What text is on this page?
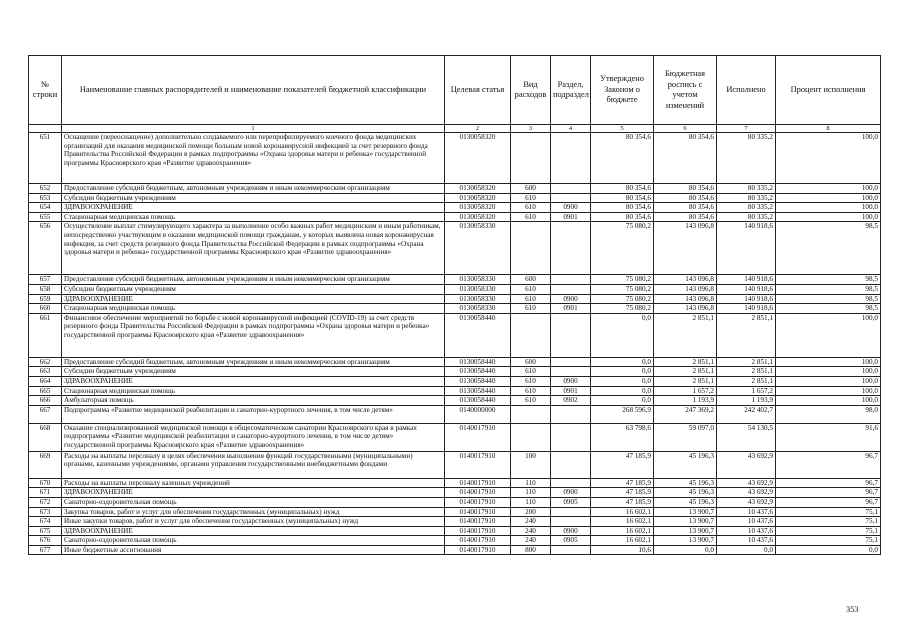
№ строки	Наименование главных распорядителей и наименование показателей бюджетной классификации	Целевая статья	Вид расходов	Раздел, подраздел	Утверждено Законом о бюджете	Бюджетная роспись с учетом изменений	Исполнено	Процент исполнения
	1	2	3	4	5	6	7	8
651	Оснащение (переоснащение) дополнительно создаваемого или перепрофилируемого коечного фонда медицинских организаций для оказания медицинской помощи больным новой коронавирусной инфекцией за счет резервного фонда Правительства Российской Федерации в рамках подпрограммы «Охрана здоровья матери и ребенка» государственной программы Красноярского края «Развитие здравоохранения»	0130058320			80 354,6	80 354,6	80 335,2	100,0
652	Предоставление субсидий бюджетным, автономным учреждениям и иным некоммерческим организациям	0130058320	600		80 354,6	80 354,6	80 335,2	100,0
653	Субсидии бюджетным учреждениям	0130058320	610		80 354,6	80 354,6	80 335,2	100,0
654	ЗДРАВООХРАНЕНИЕ	0130058320	610	0900	80 354,6	80 354,6	80 335,2	100,0
655	Стационарная медицинская помощь	0130058320	610	0901	80 354,6	80 354,6	80 335,2	100,0
656	Осуществление выплат стимулирующего характера за выполнение особо важных работ медицинским и иным работникам, непосредственно участвующим в оказании медицинской помощи гражданам, у которых выявлена новая коронавирусная инфекция, за счет средств резервного фонда Правительства Российской Федерации в рамках подпрограммы «Охрана здоровья матери и ребенка» государственной программы Красноярского края «Развитие здравоохранения»	0130058330			75 080,2	143 096,8	140 918,6	98,5
657	Предоставление субсидий бюджетным, автономным учреждениям и иным некоммерческим организациям	0130058330	600		75 080,2	143 096,8	140 918,6	98,5
658	Субсидии бюджетным учреждениям	0130058330	610		75 080,2	143 096,8	140 918,6	98,5
659	ЗДРАВООХРАНЕНИЕ	0130058330	610	0900	75 080,2	143 096,8	140 918,6	98,5
660	Стационарная медицинская помощь	0130058330	610	0901	75 080,2	143 096,8	140 918,6	98,5
661	Финансовое обеспечение мероприятий по борьбе с новой коронавирусной инфекцией (COVID-19) за счет средств резервного фонда Правительства Российской Федерации в рамках подпрограммы «Охрана здоровья матери и ребенка» государственной программы Красноярского края «Развитие здравоохранения»	0130058440			0,0	2 851,1	2 851,1	100,0
662	Предоставление субсидий бюджетным, автономным учреждениям и иным некоммерческим организациям	0130058440	600		0,0	2 851,1	2 851,1	100,0
663	Субсидии бюджетным учреждениям	0130058440	610		0,0	2 851,1	2 851,1	100,0
664	ЗДРАВООХРАНЕНИЕ	0130058440	610	0900	0,0	2 851,1	2 851,1	100,0
665	Стационарная медицинская помощь	0130058440	610	0901	0,0	1 657,2	1 657,2	100,0
666	Амбулаторная помощь	0130058440	610	0902	0,0	1 193,9	1 193,9	100,0
667	Подпрограмма «Развитие медицинской реабилитации и санаторно-курортного лечения, в том числе детям»	0140000000			268 596,9	247 369,2	242 402,7	98,0
668	Оказание специализированной медицинской помощи в общесоматическом санатории Красноярского края в рамках подпрограммы «Развитие медицинской реабилитации и санаторно-курортного лечения, в том числе детям» государственной программы Красноярского края «Развитие здравоохранения»	0140017910			63 798,6	59 097,0	54 130,5	91,6
669	Расходы на выплаты персоналу в целях обеспечения выполнения функций государственными (муниципальными) органами, казенными учреждениями, органами управления государственными внебюджетными фондами	0140017910	100		47 185,9	45 196,3	43 692,9	96,7
670	Расходы на выплаты персоналу казенных учреждений	0140017910	110		47 185,9	45 196,3	43 692,9	96,7
671	ЗДРАВООХРАНЕНИЕ	0140017910	110	0900	47 185,9	45 196,3	43 692,9	96,7
672	Санаторно-оздоровительная помощь	0140017910	110	0905	47 185,9	45 196,3	43 692,9	96,7
673	Закупка товаров, работ и услуг для обеспечения государственных (муниципальных) нужд	0140017910	200		16 602,1	13 900,7	10 437,6	75,1
674	Иные закупки товаров, работ и услуг для обеспечения государственных (муниципальных) нужд	0140017910	240		16 602,1	13 900,7	10 437,6	75,1
675	ЗДРАВООХРАНЕНИЕ	0140017910	240	0900	16 602,1	13 900,7	10 437,6	75,1
676	Санаторно-оздоровительная помощь	0140017910	240	0905	16 602,1	13 900,7	10 437,6	75,1
677	Иные бюджетные ассигнования	0140017910	800		10,6	0,0	0,0	0,0
353
